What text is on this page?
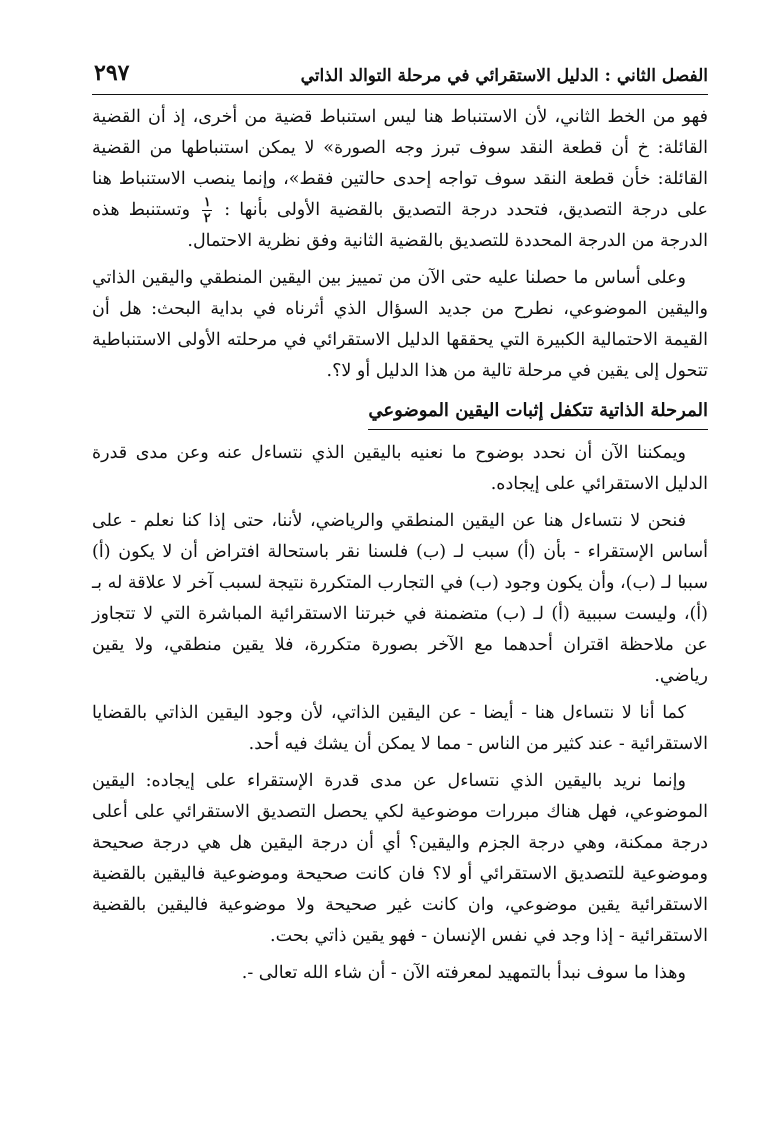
الفصل الثاني : الدليل الاستقرائي في مرحلة التوالد الذاتي
٢٩٧

فهو من الخط الثاني، لأن الاستنباط هنا ليس استنباط قضية من أخرى، إذ أن القضية القائلة: خ أن قطعة النقد سوف تبرز وجه الصورة» لا يمكن استنباطها من القضية القائلة: خأن قطعة النقد سوف تواجه إحدى حالتين فقط»، وإنما ينصب الاستنباط هنا على درجة التصديق، فتحدد درجة التصديق بالقضية الأولى بأنها : $\frac{١}{٢}$ وتستنبط هذه الدرجة من الدرجة المحددة للتصديق بالقضية الثانية وفق نظرية الاحتمال.

وعلى أساس ما حصلنا عليه حتى الآن من تمييز بين اليقين المنطقي واليقين الذاتي واليقين الموضوعي، نطرح من جديد السؤال الذي أثرناه في بداية البحث: هل أن القيمة الاحتمالية الكبيرة التي يحققها الدليل الاستقرائي في مرحلته الأولى الاستنباطية تتحول إلى يقين في مرحلة تالية من هذا الدليل أو لا؟.

المرحلة الذاتية تتكفل إثبات اليقين الموضوعي

ويمكننا الآن أن نحدد بوضوح ما نعنيه باليقين الذي نتساءل عنه وعن مدى قدرة الدليل الاستقرائي على إيجاده.

فنحن لا نتساءل هنا عن اليقين المنطقي والرياضي، لأننا، حتى إذا كنا نعلم - على أساس الإستقراء - بأن (أ) سبب لـ (ب) فلسنا نقر باستحالة افتراض أن لا يكون (أ) سببا لـ (ب)، وأن يكون وجود (ب) في التجارب المتكررة نتيجة لسبب آخر لا علاقة له بـ (أ)، وليست سببية (أ) لـ (ب) متضمنة في خبرتنا الاستقرائية المباشرة التي لا تتجاوز عن ملاحظة اقتران أحدهما مع الآخر بصورة متكررة، فلا يقين منطقي، ولا يقين رياضي.

كما أنا لا نتساءل هنا - أيضا - عن اليقين الذاتي، لأن وجود اليقين الذاتي بالقضايا الاستقرائية - عند كثير من الناس - مما لا يمكن أن يشك فيه أحد.

وإنما نريد باليقين الذي نتساءل عن مدى قدرة الإستقراء على إيجاده: اليقين الموضوعي، فهل هناك مبررات موضوعية لكي يحصل التصديق الاستقرائي على أعلى درجة ممكنة، وهي درجة الجزم واليقين؟ أي أن درجة اليقين هل هي درجة صحيحة وموضوعية للتصديق الاستقرائي أو لا؟ فان كانت صحيحة وموضوعية فاليقين بالقضية الاستقرائية يقين موضوعي، وان كانت غير صحيحة ولا موضوعية فاليقين بالقضية الاستقرائية - إذا وجد في نفس الإنسان - فهو يقين ذاتي بحت.

وهذا ما سوف نبدأ بالتمهيد لمعرفته الآن - أن شاء الله تعالى -.
